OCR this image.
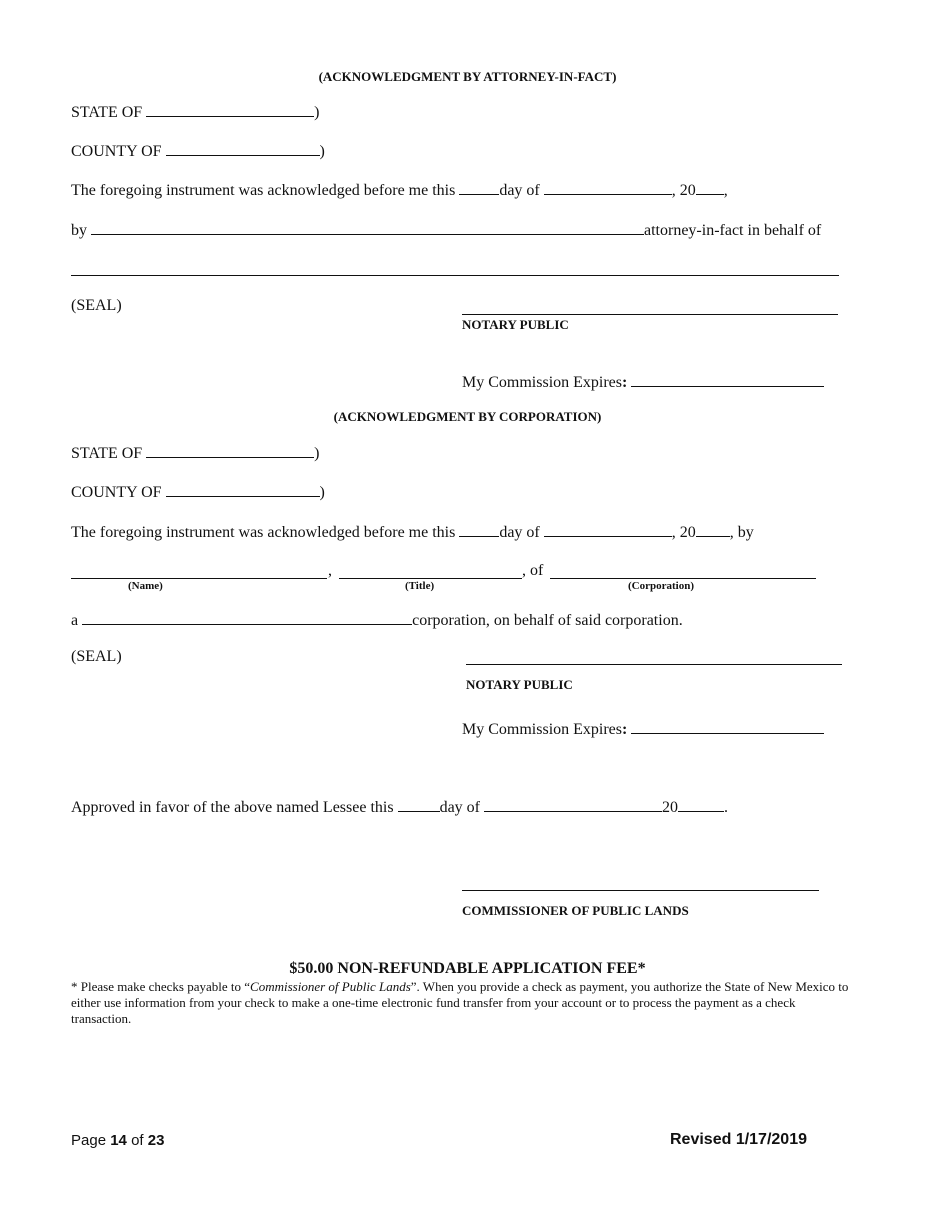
(ACKNOWLEDGMENT BY ATTORNEY-IN-FACT)
STATE OF	)
COUNTY OF	)
The foregoing instrument was acknowledged before me this	day of	, 20 ,
by	attorney-in-fact in behalf of
(SEAL)
NOTARY PUBLIC
My Commission Expires:
(ACKNOWLEDGMENT BY CORPORATION)
STATE OF	)
COUNTY OF	)
The foregoing instrument was acknowledged before me this	day of	, 20 , by
,	, of
(Name)	(Title)	(Corporation)
a	corporation, on behalf of said corporation.
(SEAL)
NOTARY PUBLIC
My Commission Expires:
Approved in favor of the above named Lessee this	day of	20	.
COMMISSIONER OF PUBLIC LANDS
$50.00 NON-REFUNDABLE APPLICATION FEE*
* Please make checks payable to “Commissioner of Public Lands”. When you provide a check as payment, you authorize the State of New Mexico to either use information from your check to make a one-time electronic fund transfer from your account or to process the payment as a check transaction.
Page 14 of 23	Revised 1/17/2019
